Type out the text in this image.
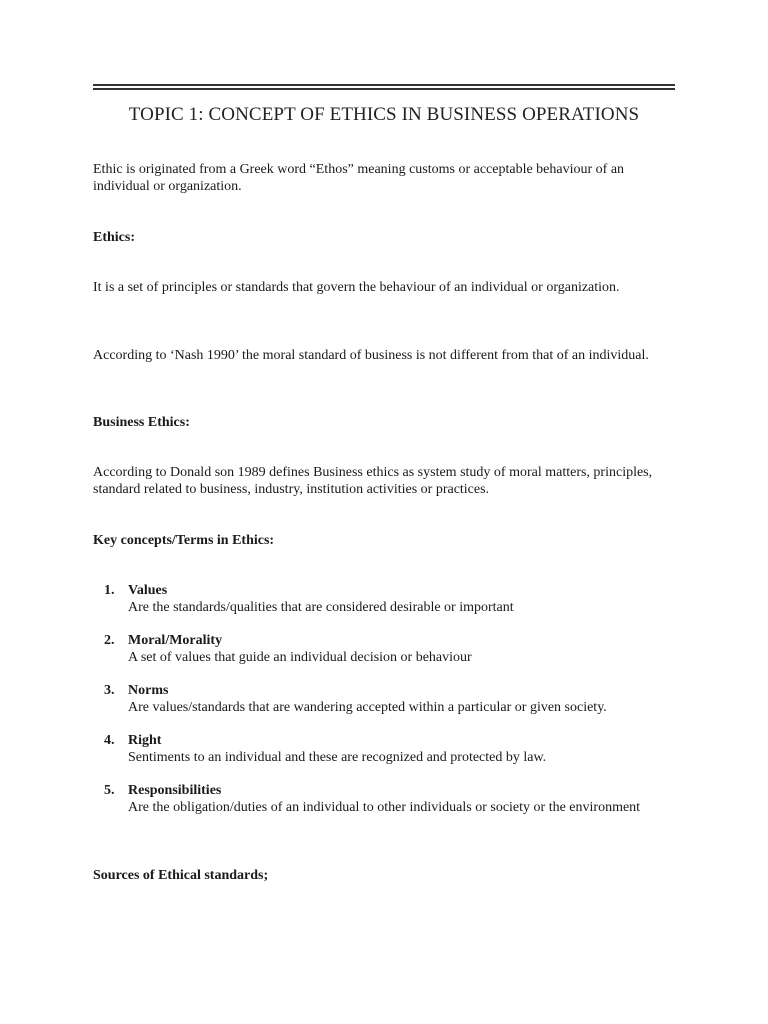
TOPIC 1: CONCEPT OF ETHICS IN BUSINESS OPERATIONS
Ethic is originated from a Greek word “Ethos” meaning customs or acceptable behaviour of an individual or organization.
Ethics:
It is a set of principles or standards that govern the behaviour of an individual or organization.
According to ‘Nash 1990’ the moral standard of business is not different from that of an individual.
Business Ethics:
According to Donald son 1989 defines Business ethics as system study of moral matters, principles, standard related to business, industry, institution activities or practices.
Key concepts/Terms in Ethics:
1. Values
Are the standards/qualities that are considered desirable or important
2. Moral/Morality
A set of values that guide an individual decision or behaviour
3. Norms
Are values/standards that are wandering accepted within a particular or given society.
4. Right
Sentiments to an individual and these are recognized and protected by law.
5. Responsibilities
Are the obligation/duties of an individual to other individuals or society or the environment
Sources of Ethical standards;
